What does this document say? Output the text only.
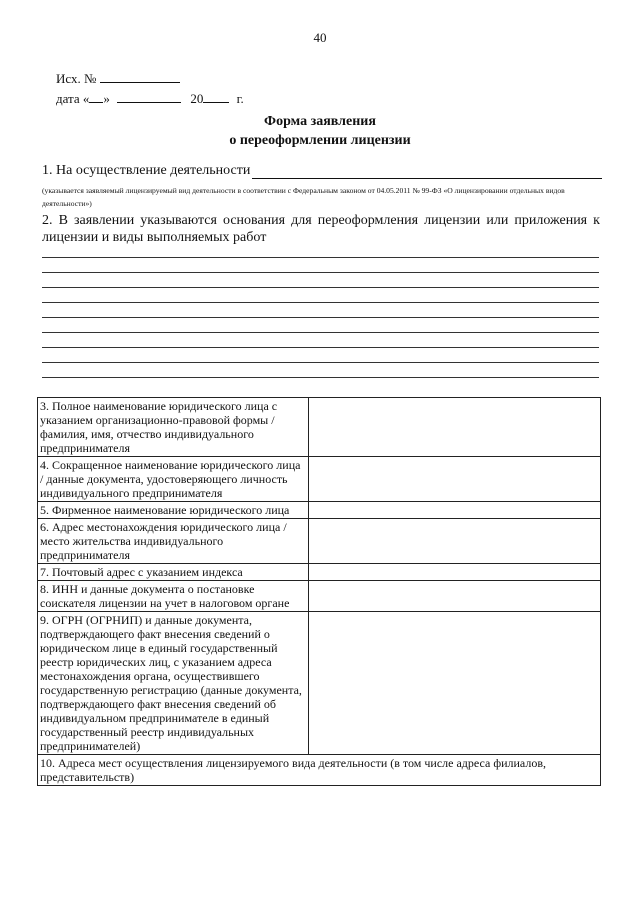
40
Исх. №
дата « »	20	г.
Форма заявления
о переоформлении лицензии
1. На осуществление деятельности
(указывается заявляемый лицензируемый вид деятельности в соответствии с Федеральным законом от 04.05.2011 № 99-ФЗ «О лицензировании отдельных видов деятельности»)
2. В заявлении указываются основания для переоформления лицензии или приложения к лицензии и виды выполняемых работ
3. Полное наименование юридического лица с указанием организационно-правовой формы / фамилия, имя, отчество индивидуального предпринимателя	
4. Сокращенное наименование юридического лица / данные документа, удостоверяющего личность индивидуального предпринимателя	
5. Фирменное наименование юридического лица	
6. Адрес местонахождения юридического лица / место жительства индивидуального предпринимателя	
7. Почтовый адрес с указанием индекса	
8. ИНН и данные документа о постановке соискателя лицензии на учет в налоговом органе	
9. ОГРН (ОГРНИП) и данные документа, подтверждающего факт внесения сведений о юридическом лице в единый государственный реестр юридических лиц, с указанием адреса местонахождения органа, осуществившего государственную регистрацию (данные документа, подтверждающего факт внесения сведений об индивидуальном предпринимателе в единый государственный реестр индивидуальных предпринимателей)	
10. Адреса мест осуществления лицензируемого вида деятельности (в том числе адреса филиалов, представительств)	
